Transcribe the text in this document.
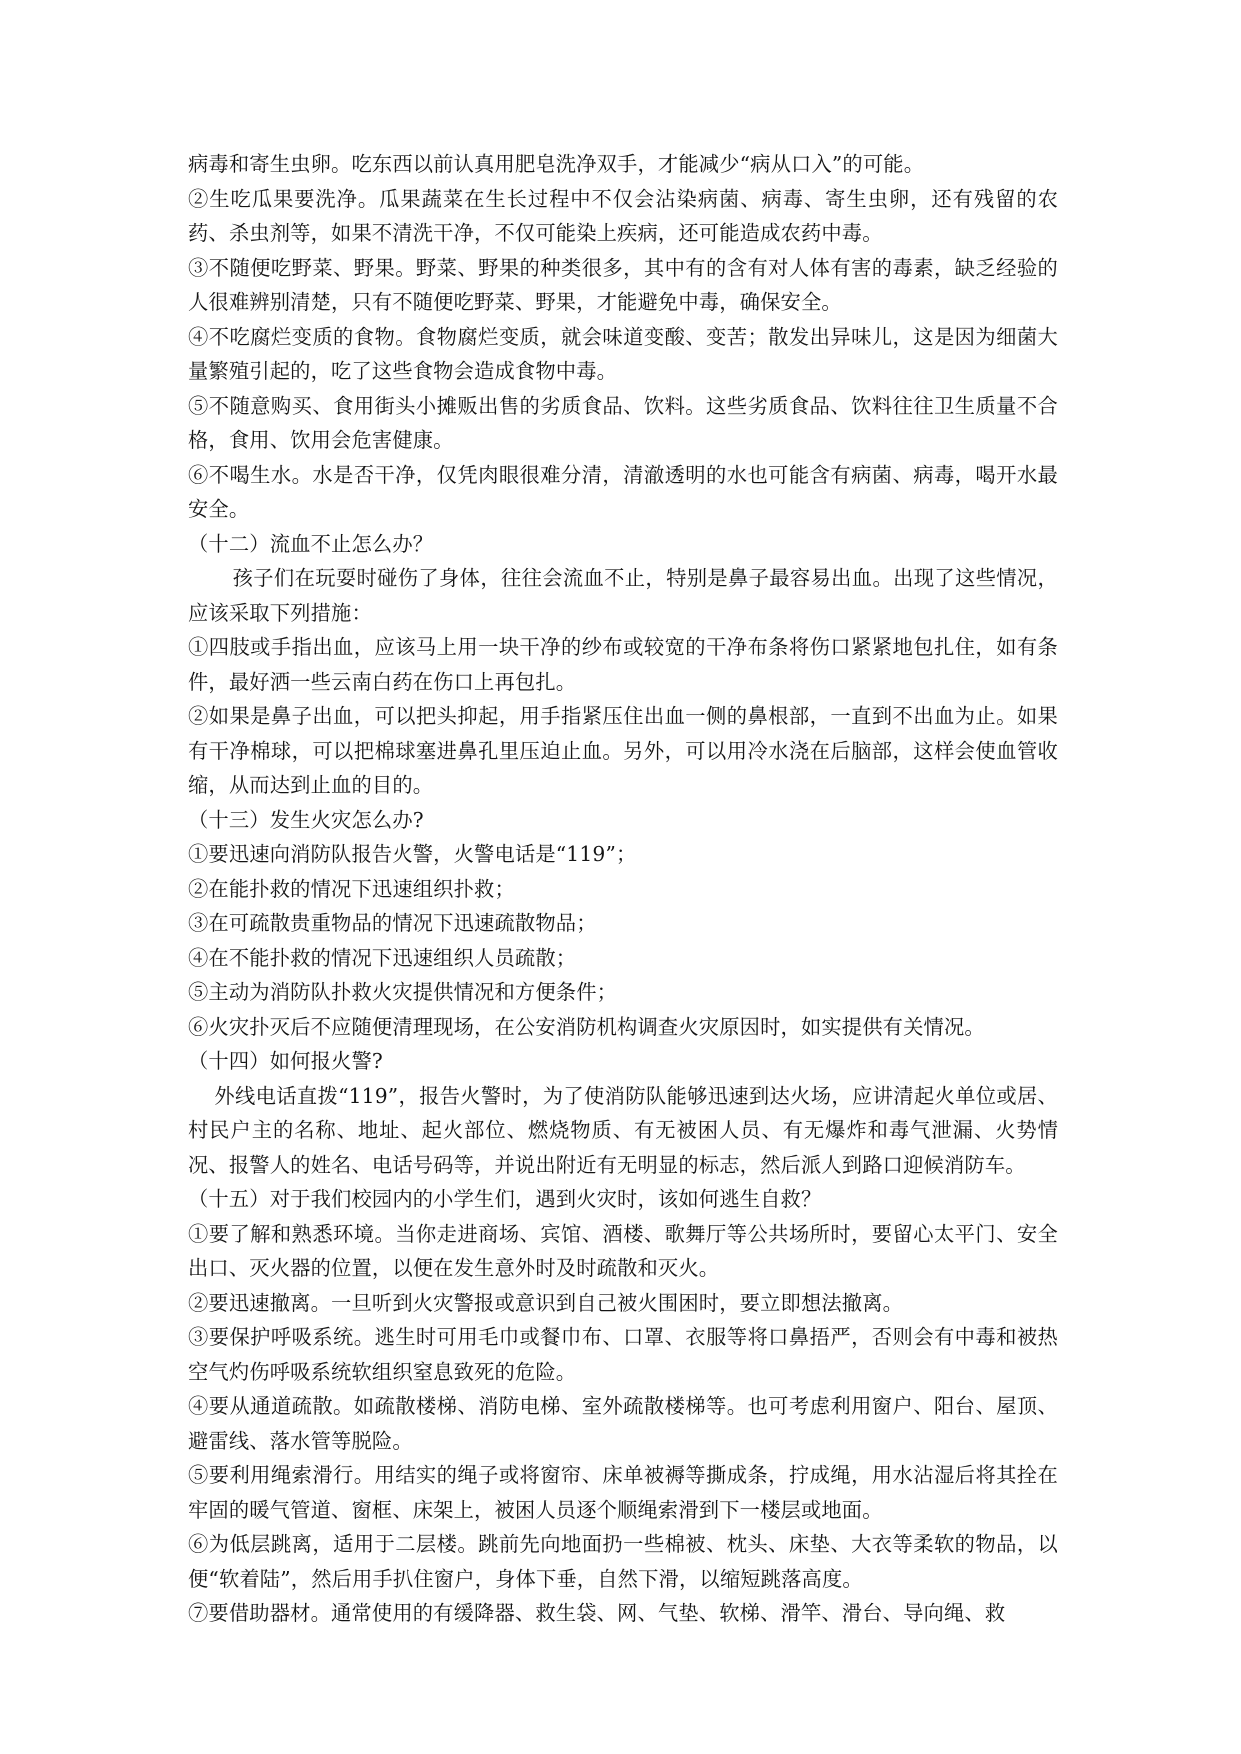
病毒和寄生虫卵。吃东西以前认真用肥皂洗净双手，才能减少“病从口入”的可能。

②生吃瓜果要洗净。瓜果蔬菜在生长过程中不仅会沾染病菌、病毒、寄生虫卵，还有残留的农药、杀虫剂等，如果不清洗干净，不仅可能染上疾病，还可能造成农药中毒。

③不随便吃野菜、野果。野菜、野果的种类很多，其中有的含有对人体有害的毒素，缺乏经验的人很难辨别清楚，只有不随便吃野菜、野果，才能避免中毒，确保安全。

④不吃腐烂变质的食物。食物腐烂变质，就会味道变酸、变苦；散发出异味儿，这是因为细菌大量繁殖引起的，吃了这些食物会造成食物中毒。

⑤不随意购买、食用街头小摊贩出售的劣质食品、饮料。这些劣质食品、饮料往往卫生质量不合格，食用、饮用会危害健康。

⑥不喝生水。水是否干净，仅凭肉眼很难分清，清澈透明的水也可能含有病菌、病毒，喝开水最安全。

（十二）流血不止怎么办？

孩子们在玩耍时碰伤了身体，往往会流血不止，特别是鼻子最容易出血。出现了这些情况，应该采取下列措施：

①四肢或手指出血，应该马上用一块干净的纱布或较宽的干净布条将伤口紧紧地包扎住，如有条件，最好洒一些云南白药在伤口上再包扎。

②如果是鼻子出血，可以把头抑起，用手指紧压住出血一侧的鼻根部，一直到不出血为止。如果有干净棉球，可以把棉球塞进鼻孔里压迫止血。另外，可以用冷水浇在后脑部，这样会使血管收缩，从而达到止血的目的。

（十三）发生火灾怎么办?

①要迅速向消防队报告火警，火警电话是“119”；

②在能扑救的情况下迅速组织扑救；

③在可疏散贵重物品的情况下迅速疏散物品；

④在不能扑救的情况下迅速组织人员疏散；

⑤主动为消防队扑救火灾提供情况和方便条件；

⑥火灾扑灭后不应随便清理现场，在公安消防机构调查火灾原因时，如实提供有关情况。

（十四）如何报火警?

外线电话直拨“119”，报告火警时，为了使消防队能够迅速到达火场，应讲清起火单位或居、村民户主的名称、地址、起火部位、燃烧物质、有无被困人员、有无爆炸和毒气泄漏、火势情况、报警人的姓名、电话号码等，并说出附近有无明显的标志，然后派人到路口迎候消防车。

（十五）对于我们校园内的小学生们，遇到火灾时，该如何逃生自救？

①要了解和熟悉环境。当你走进商场、宾馆、酒楼、歌舞厅等公共场所时，要留心太平门、安全出口、灭火器的位置，以便在发生意外时及时疏散和灭火。

②要迅速撤离。一旦听到火灾警报或意识到自己被火围困时，要立即想法撤离。

③要保护呼吸系统。逃生时可用毛巾或餐巾布、口罩、衣服等将口鼻捂严，否则会有中毒和被热空气灼伤呼吸系统软组织窒息致死的危险。

④要从通道疏散。如疏散楼梯、消防电梯、室外疏散楼梯等。也可考虑利用窗户、阳台、屋顶、避雷线、落水管等脱险。

⑤要利用绳索滑行。用结实的绳子或将窗帘、床单被褥等撕成条，拧成绳，用水沾湿后将其拴在牢固的暖气管道、窗框、床架上，被困人员逐个顺绳索滑到下一楼层或地面。

⑥为低层跳离，适用于二层楼。跳前先向地面扔一些棉被、枕头、床垫、大衣等柔软的物品，以便“软着陆”，然后用手扒住窗户，身体下垂，自然下滑，以缩短跳落高度。

⑦要借助器材。通常使用的有缓降器、救生袋、网、气垫、软梯、滑竿、滑台、导向绳、救
